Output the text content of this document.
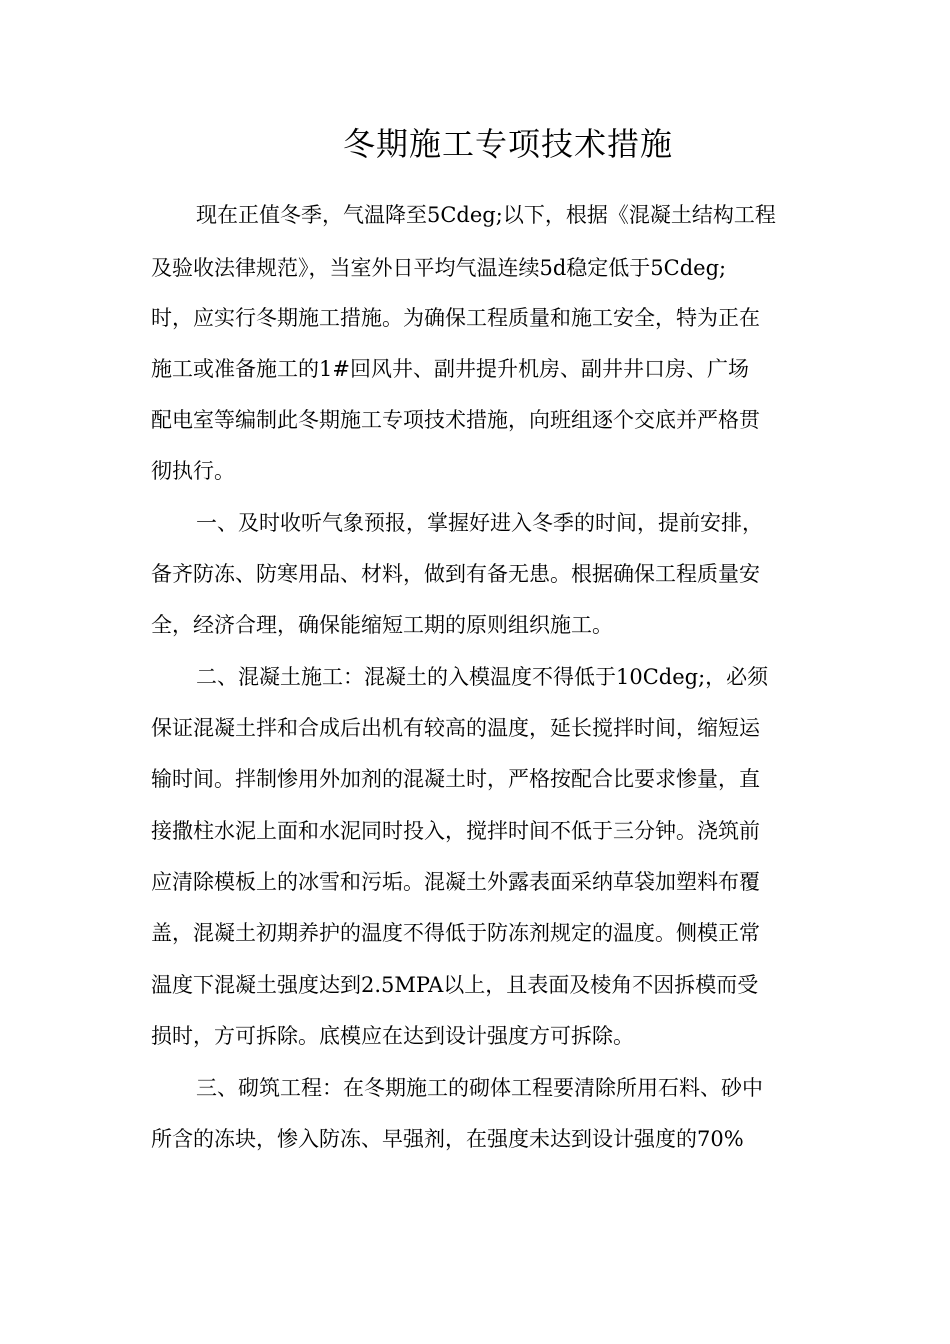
冬期施工专项技术措施

现在正值冬季，气温降至5Cdeg;以下，根据《混凝土结构工程

及验收法律规范》，当室外日平均气温连续5d稳定低于5Cdeg;

时，应实行冬期施工措施。为确保工程质量和施工安全，特为正在

施工或准备施工的1#回风井、副井提升机房、副井井口房、广场

配电室等编制此冬期施工专项技术措施，向班组逐个交底并严格贯

彻执行。

一、及时收听气象预报，掌握好进入冬季的时间，提前安排，

备齐防冻、防寒用品、材料，做到有备无患。根据确保工程质量安

全，经济合理，确保能缩短工期的原则组织施工。

二、混凝土施工：混凝土的入模温度不得低于10Cdeg;，必须

保证混凝土拌和合成后出机有较高的温度，延长搅拌时间，缩短运

输时间。拌制惨用外加剂的混凝土时，严格按配合比要求惨量，直

接撒柱水泥上面和水泥同时投入，搅拌时间不低于三分钟。浇筑前

应清除模板上的冰雪和污垢。混凝土外露表面采纳草袋加塑料布覆

盖，混凝土初期养护的温度不得低于防冻剂规定的温度。侧模正常

温度下混凝土强度达到2.5MPA以上，且表面及棱角不因拆模而受

损时，方可拆除。底模应在达到设计强度方可拆除。

三、砌筑工程：在冬期施工的砌体工程要清除所用石料、砂中

所含的冻块，惨入防冻、早强剂，在强度未达到设计强度的70%
